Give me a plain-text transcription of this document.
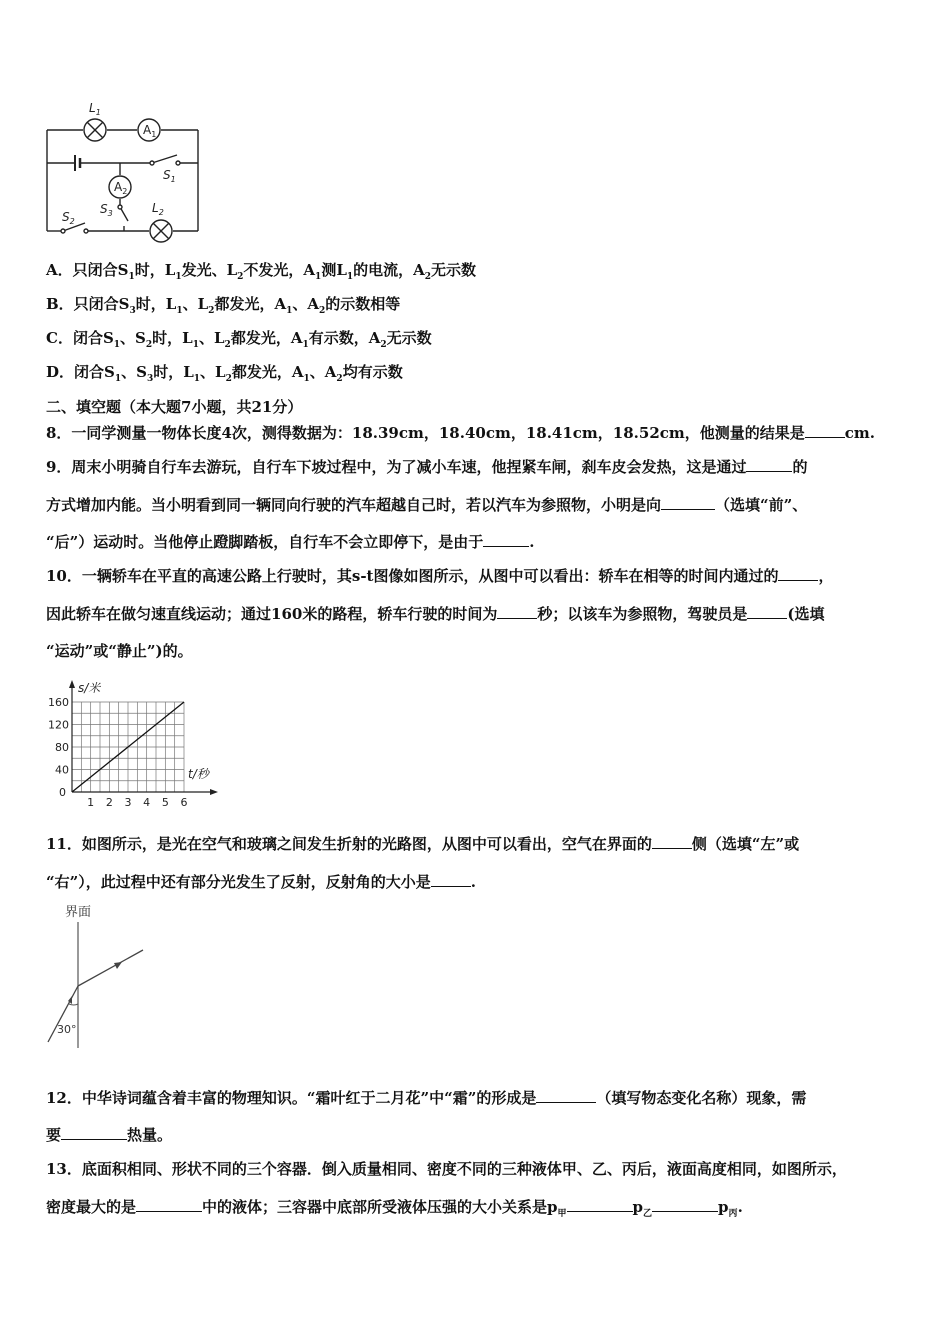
$L_1$
$A_1$
$A_2$
$S_1$
$S_2$
$S_3$	$L_2$
A．只闭合$S_1$时，$L_1$发光、$L_2$不发光，$A_1$测$L_1$的电流，$A_2$无示数
B．只闭合$S_3$时，$L_1$、$L_2$都发光，$A_1$、$A_2$的示数相等
C．闭合$S_1$、$S_2$时，$L_1$、$L_2$都发光，$A_1$有示数，$A_2$无示数
D．闭合$S_1$、$S_3$时，$L_1$、$L_2$都发光，$A_1$、$A_2$均有示数
二、填空题（本大题7小题，共21分）
8．一同学测量一物体长度4次，测得数据为：18.39cm，18.40cm，18.41cm，18.52cm，他测量的结果是	cm.
9．周末小明骑自行车去游玩，自行车下坡过程中，为了减小车速，他捏紧车闸，刹车皮会发热，这是通过	的
方式增加内能。当小明看到同一辆同向行驶的汽车超越自己时，若以汽车为参照物，小明是向	（选填“前”、
“后”）运动时。当他停止蹬脚踏板，自行车不会立即停下，是由于	.
10．一辆轿车在平直的高速公路上行驶时，其s-t图像如图所示，从图中可以看出：轿车在相等的时间内通过的	，
因此轿车在做匀速直线运动；通过160米的路程，轿车行驶的时间为	秒；以该车为参照物，驾驶员是	(选填
“运动”或“静止”)的。
40
80
120
160
1 2 3 4 5 6
0
s/米
t/秒
11．如图所示，是光在空气和玻璃之间发生折射的光路图，从图中可以看出，空气在界面的	侧（选填“左”或
“右”），此过程中还有部分光发生了反射，反射角的大小是	.
界面
30°
12．中华诗词蕴含着丰富的物理知识。“霜叶红于二月花”中“霜”的形成是	（填写物态变化名称）现象，需
要	热量。
13．底面积相同、形状不同的三个容器．倒入质量相同、密度不同的三种液体甲、乙、丙后，液面高度相同，如图所示，
密度最大的是	中的液体；三容器中底部所受液体压强的大小关系是$p_甲$	$p_乙$	$p_丙$.
